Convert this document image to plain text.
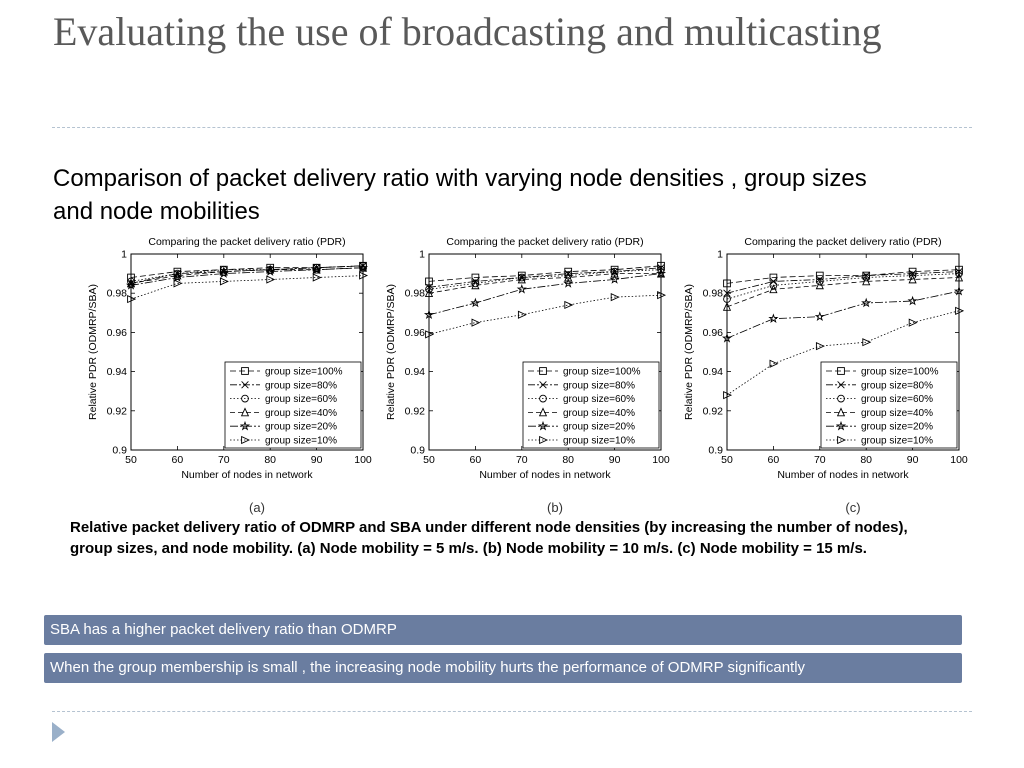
Evaluating the use of broadcasting and multicasting

Comparison of packet delivery ratio with varying node densities , group sizes and node mobilities

Comparing the packet delivery ratio (PDR)
Number of nodes in network
Relative PDR (ODMRP/SBA)
(a)
50	60	70	80	90	100
0.9
0.92
0.94
0.96
0.98
1
group size=100%
group size=80%
group size=60%
group size=40%
group size=20%
group size=10%
Comparing the packet delivery ratio (PDR)
Number of nodes in network
Relative PDR (ODMRP/SBA)
(b)
50	60	70	80	90	100
0.9
0.92
0.94
0.96
0.98
1
group size=100%
group size=80%
group size=60%
group size=40%
group size=20%
group size=10%
Comparing the packet delivery ratio (PDR)
Number of nodes in network
Relative PDR (ODMRP/SBA)
(c)
50	60	70	80	90	100
0.9
0.92
0.94
0.96
0.98
1
group size=100%
group size=80%
group size=60%
group size=40%
group size=20%
group size=10%
Relative packet delivery ratio of ODMRP and SBA under different node densities (by increasing the number of nodes), group sizes, and node mobility. (a) Node mobility = 5 m/s. (b) Node mobility = 10 m/s. (c) Node mobility = 15 m/s.
SBA has a higher packet delivery ratio than ODMRP
When the group membership is small , the increasing node mobility hurts the performance of ODMRP significantly
